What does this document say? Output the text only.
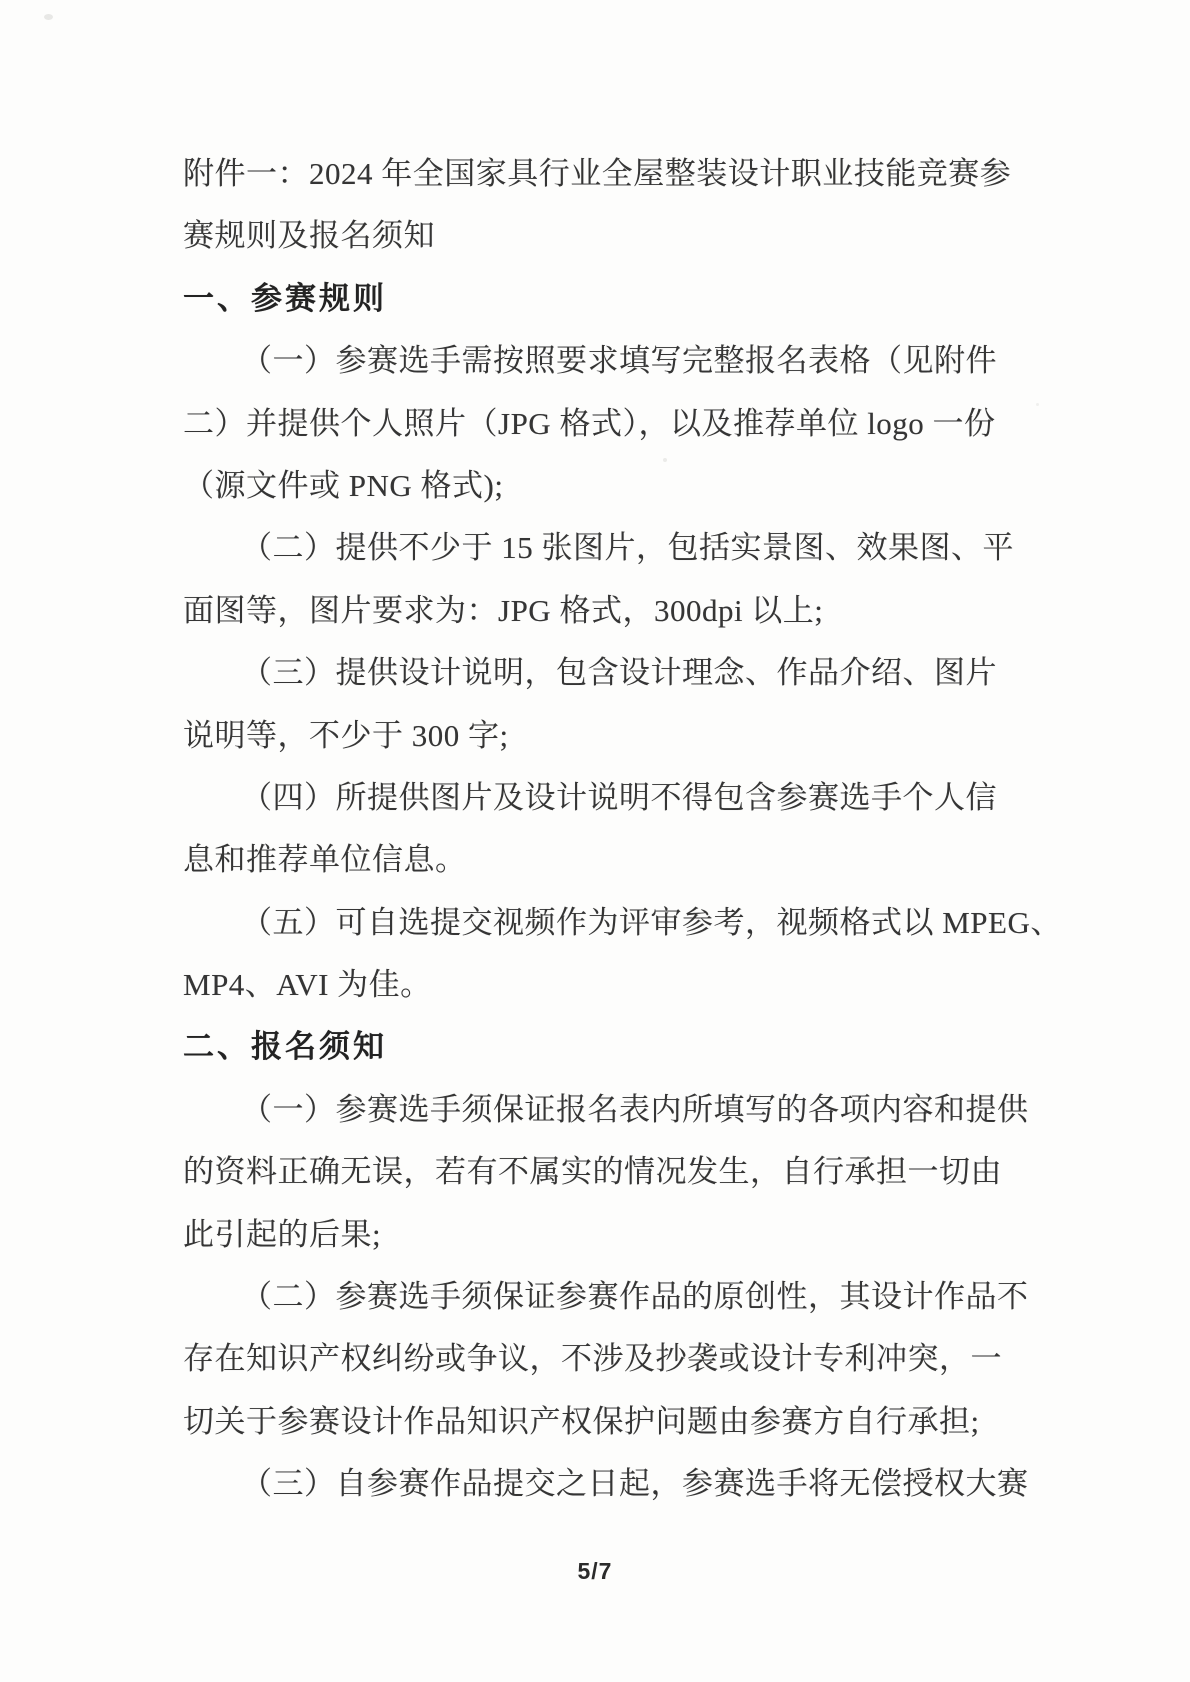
附件一：2024 年全国家具行业全屋整装设计职业技能竞赛参
赛规则及报名须知
一、参赛规则
（一）参赛选手需按照要求填写完整报名表格（见附件
二）并提供个人照片（JPG 格式），以及推荐单位 logo 一份
（源文件或 PNG 格式);
（二）提供不少于 15 张图片，包括实景图、效果图、平
面图等，图片要求为：JPG 格式，300dpi 以上;
（三）提供设计说明，包含设计理念、作品介绍、图片
说明等，不少于 300 字;
（四）所提供图片及设计说明不得包含参赛选手个人信
息和推荐单位信息。
（五）可自选提交视频作为评审参考，视频格式以 MPEG、
MP4、AVI 为佳。
二、报名须知
（一）参赛选手须保证报名表内所填写的各项内容和提供
的资料正确无误，若有不属实的情况发生，自行承担一切由
此引起的后果;
（二）参赛选手须保证参赛作品的原创性，其设计作品不
存在知识产权纠纷或争议，不涉及抄袭或设计专利冲突，一
切关于参赛设计作品知识产权保护问题由参赛方自行承担;
（三）自参赛作品提交之日起，参赛选手将无偿授权大赛
5/7
